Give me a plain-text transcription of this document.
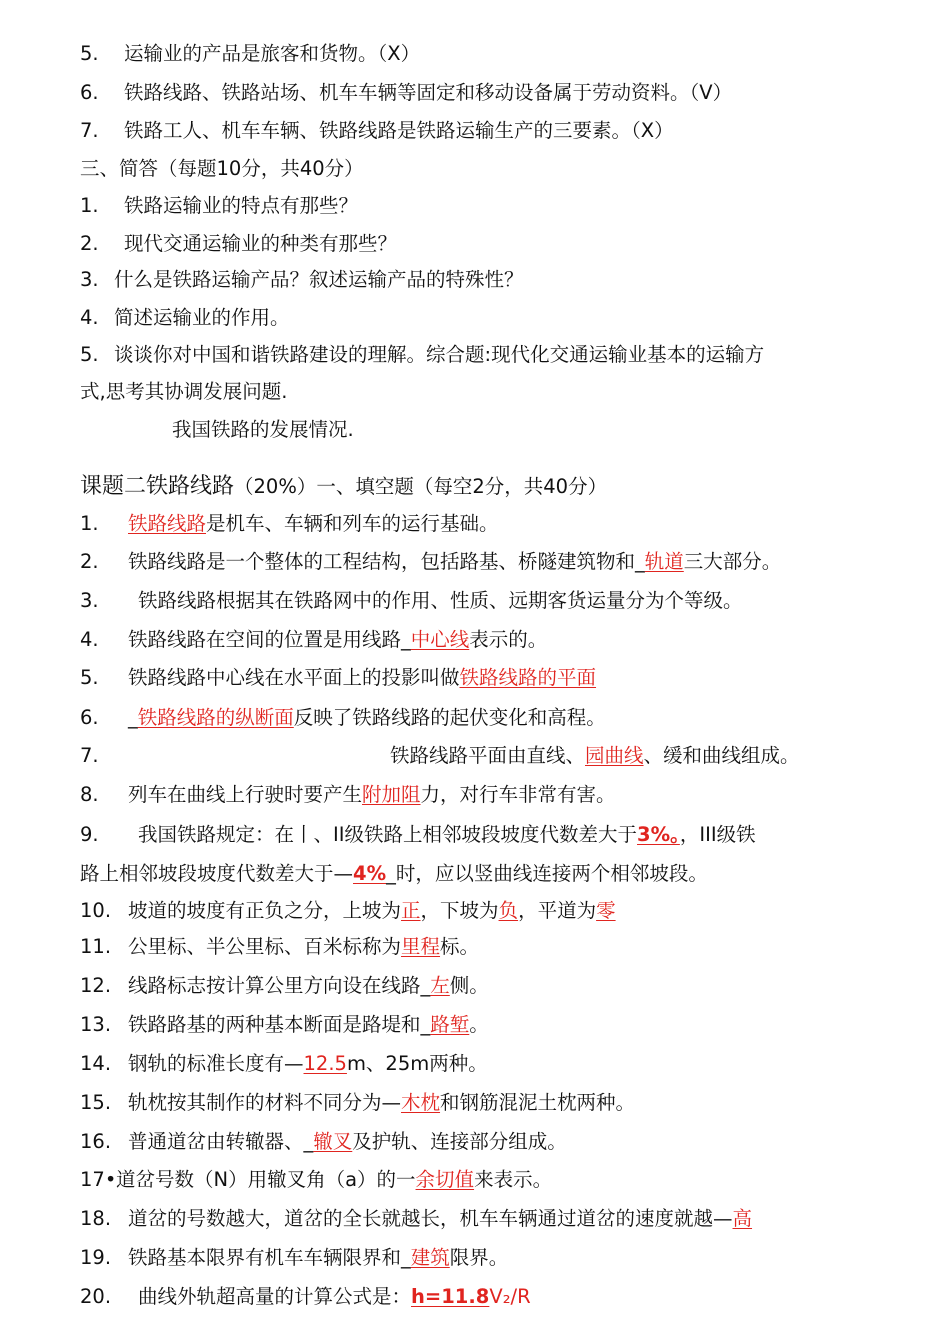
5. 运输业的产品是旅客和货物。（X）
6. 铁路线路、铁路站场、机车车辆等固定和移动设备属于劳动资料。（V）
7. 铁路工人、机车车辆、铁路线路是铁路运输生产的三要素。（X）
三、简答（每题10分，共40分）
1. 铁路运输业的特点有那些？
2. 现代交通运输业的种类有那些？
3. 什么是铁路运输产品？叙述运输产品的特殊性？
4. 简述运输业的作用。
5. 谈谈你对中国和谐铁路建设的理解。综合题:现代化交通运输业基本的运输方
式,思考其协调发展问题.
我国铁路的发展情况.
课题二铁路线路（20%）一、填空题（每空2分，共40分）
1. 铁路线路是机车、车辆和列车的运行基础。
2. 铁路线路是一个整体的工程结构，包括路基、桥隧建筑物和_轨道三大部分。
3. 铁路线路根据其在铁路网中的作用、性质、远期客货运量分为个等级。
4. 铁路线路在空间的位置是用线路_中心线表示的。
5. 铁路线路中心线在水平面上的投影叫做铁路线路的平面
6. _铁路线路的纵断面反映了铁路线路的起伏变化和高程。
7.	铁路线路平面由直线、园曲线、缓和曲线组成。
8. 列车在曲线上行驶时要产生附加阻力，对行车非常有害。
9. 我国铁路规定：在丨、II级铁路上相邻坡段坡度代数差大于3%。，III级铁
路上相邻坡段坡度代数差大于—4%_时，应以竖曲线连接两个相邻坡段。
10. 坡道的坡度有正负之分，上坡为正，下坡为负，平道为零
11. 公里标、半公里标、百米标称为里程标。
12. 线路标志按计算公里方向设在线路_左侧。
13. 铁路路基的两种基本断面是路堤和_路堑。
14. 钢轨的标准长度有—12.5m、25m两种。
15. 轨枕按其制作的材料不同分为—木枕和钢筋混泥土枕两种。
16. 普通道岔由转辙器、_辙叉及护轨、连接部分组成。
17•道岔号数（N）用辙叉角（a）的一余切值来表示。
18. 道岔的号数越大，道岔的全长就越长，机车车辆通过道岔的速度就越—高
19. 铁路基本限界有机车车辆限界和_建筑限界。
20. 曲线外轨超高量的计算公式是：h=11.8V₂/R
